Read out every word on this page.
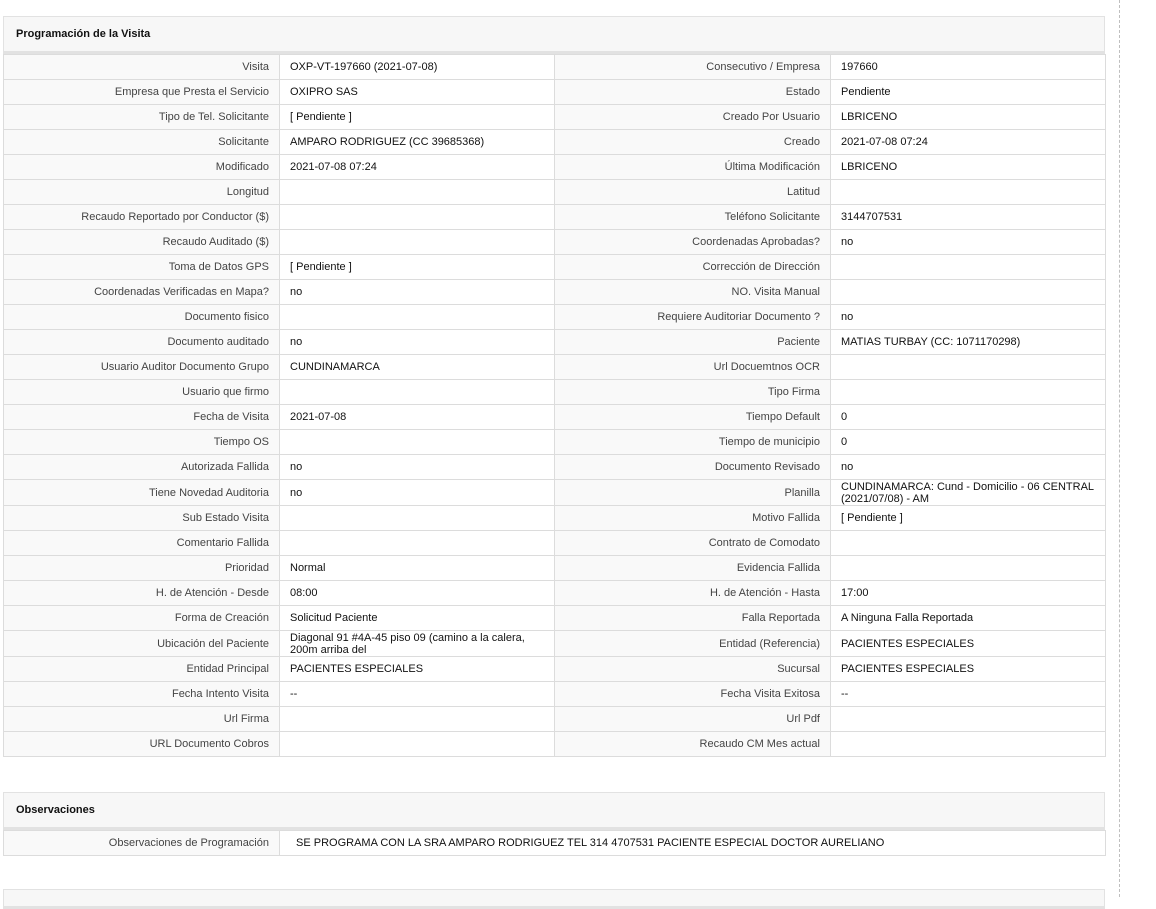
Programación de la Visita
Visita	OXP-VT-197660 (2021-07-08)	Consecutivo / Empresa	197660
Empresa que Presta el Servicio	OXIPRO SAS	Estado	Pendiente
Tipo de Tel. Solicitante	[ Pendiente ]	Creado Por Usuario	LBRICENO
Solicitante	AMPARO RODRIGUEZ (CC 39685368)	Creado	2021-07-08 07:24
Modificado	2021-07-08 07:24	Última Modificación	LBRICENO
Longitud		Latitud	
Recaudo Reportado por Conductor ($)		Teléfono Solicitante	3144707531
Recaudo Auditado ($)		Coordenadas Aprobadas?	no
Toma de Datos GPS	[ Pendiente ]	Corrección de Dirección	
Coordenadas Verificadas en Mapa?	no	NO. Visita Manual	
Documento fisico		Requiere Auditoriar Documento ?	no
Documento auditado	no	Paciente	MATIAS TURBAY (CC: 1071170298)
Usuario Auditor Documento Grupo	CUNDINAMARCA	Url Docuemtnos OCR	
Usuario que firmo		Tipo Firma	
Fecha de Visita	2021-07-08	Tiempo Default	0
Tiempo OS		Tiempo de municipio	0
Autorizada Fallida	no	Documento Revisado	no
Tiene Novedad Auditoria	no	Planilla	CUNDINAMARCA: Cund - Domicilio - 06 CENTRAL (2021/07/08) - AM
Sub Estado Visita		Motivo Fallida	[ Pendiente ]
Comentario Fallida		Contrato de Comodato	
Prioridad	Normal	Evidencia Fallida	
H. de Atención - Desde	08:00	H. de Atención - Hasta	17:00
Forma de Creación	Solicitud Paciente	Falla Reportada	A Ninguna Falla Reportada
Ubicación del Paciente	Diagonal 91 #4A-45 piso 09 (camino a la calera, 200m arriba del	Entidad (Referencia)	PACIENTES ESPECIALES
Entidad Principal	PACIENTES ESPECIALES	Sucursal	PACIENTES ESPECIALES
Fecha Intento Visita	--	Fecha Visita Exitosa	--
Url Firma		Url Pdf	
URL Documento Cobros		Recaudo CM Mes actual	
Observaciones
Observaciones de Programación	SE PROGRAMA CON LA SRA AMPARO RODRIGUEZ TEL 314 4707531 PACIENTE ESPECIAL DOCTOR AURELIANO
